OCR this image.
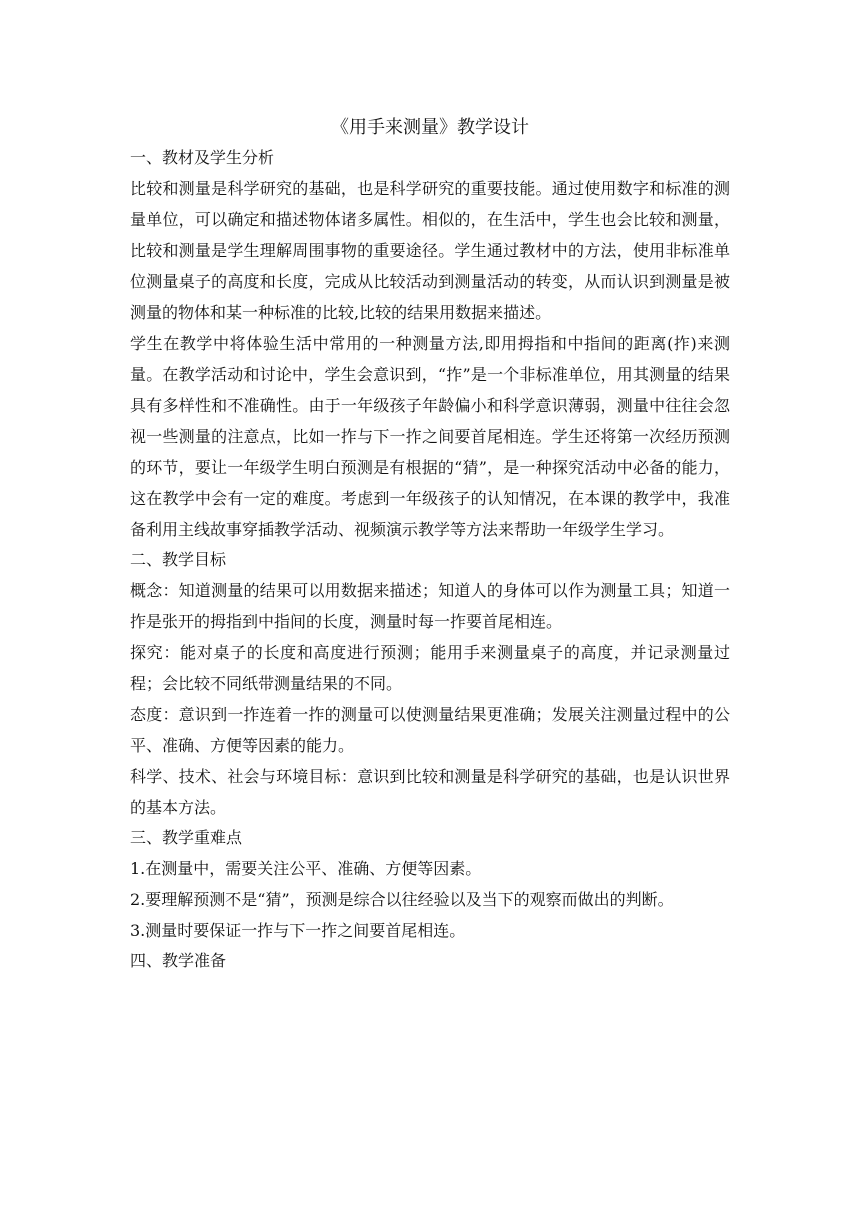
《用手来测量》教学设计
一、教材及学生分析

比较和测量是科学研究的基础，也是科学研究的重要技能。通过使用数字和标准的测量单位，可以确定和描述物体诸多属性。相似的，在生活中，学生也会比较和测量，比较和测量是学生理解周围事物的重要途径。学生通过教材中的方法，使用非标准单位测量桌子的高度和长度，完成从比较活动到测量活动的转变，从而认识到测量是被测量的物体和某一种标准的比较,比较的结果用数据来描述。

学生在教学中将体验生活中常用的一种测量方法,即用拇指和中指间的距离(拃)来测量。在教学活动和讨论中，学生会意识到，“拃”是一个非标准单位，用其测量的结果具有多样性和不准确性。由于一年级孩子年龄偏小和科学意识薄弱，测量中往往会忽视一些测量的注意点，比如一拃与下一拃之间要首尾相连。学生还将第一次经历预测的环节，要让一年级学生明白预测是有根据的“猜”，是一种探究活动中必备的能力，这在教学中会有一定的难度。考虑到一年级孩子的认知情况，在本课的教学中，我准备利用主线故事穿插教学活动、视频演示教学等方法来帮助一年级学生学习。

二、教学目标

概念：知道测量的结果可以用数据来描述；知道人的身体可以作为测量工具；知道一拃是张开的拇指到中指间的长度，测量时每一拃要首尾相连。

探究：能对桌子的长度和高度进行预测；能用手来测量桌子的高度，并记录测量过程；会比较不同纸带测量结果的不同。

态度：意识到一拃连着一拃的测量可以使测量结果更准确；发展关注测量过程中的公平、准确、方便等因素的能力。

科学、技术、社会与环境目标：意识到比较和测量是科学研究的基础，也是认识世界的基本方法。

三、教学重难点

1.在测量中，需要关注公平、准确、方便等因素。

2.要理解预测不是“猜”，预测是综合以往经验以及当下的观察而做出的判断。

3.测量时要保证一拃与下一拃之间要首尾相连。

四、教学准备
